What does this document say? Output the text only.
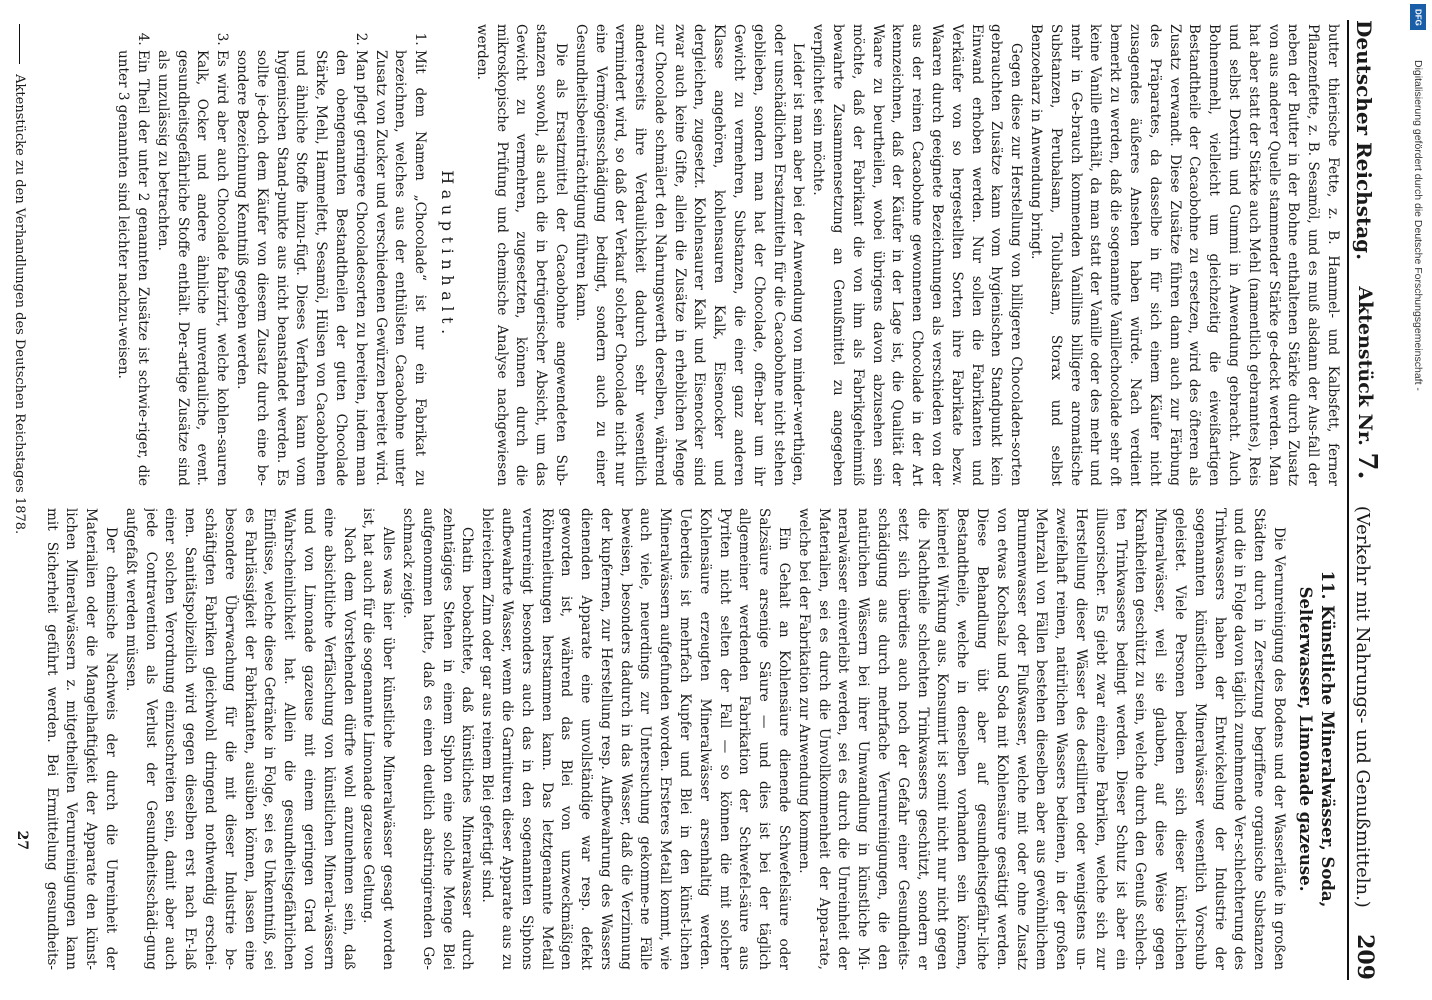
Deutscher Reichstag.
Aktenstück Nr. 7.
(Verkehr mit Nahrungs- und Genußmitteln.)
209

butter thierische Fette, z. B. Hammel- und Kalbsfett, ferner Pflanzenfette, z. B. Sesamöl, und es muß alsdann der Aus-fall der neben der Butter in der Bohne enthaltenen Stärke durch Zusatz von aus anderer Quelle stammender Stärke ge-deckt werden. Man hat aber statt der Stärke auch Mehl (namentlich gebranntes), Reis und selbst Dextrin und Gummi in Anwendung gebracht. Auch Bohnenmehl, vielleicht um gleichzeitig die eiweißartigen Bestandtheile der Cacaobohne zu ersetzen, wird des öfteren als Zusatz verwandt. Diese Zusätze führen dann auch zur Färbung des Präparates, da dasselbe in für sich einem Käufer nicht zusagendes äußeres Ansehen haben würde. Nach verdient bemerkt zu werden, daß die sogenannte Vanillechocolade sehr oft keine Vanille enthält, da man statt der Vanille oder des mehr und mehr in Ge-brauch kommenden Vanillins billigere aromatische Substanzen, Perubalsam, Tolubalsam, Storax und selbst Benzoeharz in Anwendung bringt.

Gegen diese zur Herstellung von billigeren Chocoladen-sorten gebrauchten Zusätze kann vom hygienischen Standpunkt kein Einwand erhoben werden. Nur sollen die Fabrikanten und Verkäufer von so hergestellten Sorten ihre Fabrikate bezw. Waaren durch geeignete Bezeichnungen als verschieden von der aus der reinen Cacaobohne gewonnenen Chocolade in der Art kennzeichnen, daß der Käufer in der Lage ist, die Qualität der Waare zu beurtheilen, wobei übrigens davon abzusehen sein möchte, daß der Fabrikant die von ihm als Fabrikgeheimniß bewahrte Zusammensetzung an Genußmittel zu angegeben verpflichtet sein möchte.

Leider ist man aber bei der Anwendung von minder-werthigen, oder unschädlichen Ersatzmitteln für die Cacaobohne nicht stehen geblieben, sondern man hat der Chocolade, offen-bar um ihr Gewicht zu vermehren, Substanzen, die einer ganz anderen Klasse angehören, kohlensauren Kalk, Eisenocker und dergleichen, zugesetzt. Kohlensaurer Kalk und Eisenocker sind zwar auch keine Gifte, allein die Zusätze in erheblichen Menge zur Chocolade schmälert den Nahrungswerth derselben, während andererseits ihre Verdaulichkeit dadurch sehr wesentlich vermindert wird, so daß der Verkauf solcher Chocolade nicht nur eine Vermögensschädigung bedingt, sondern auch zu einer Gesundheitsbeeinträchtigung führen kann.

Die als Ersatzmittel der Cacaobohne angewendeten Sub-stanzen sowohl, als auch die in betrügerischer Absicht, um das Gewicht zu vermehren, zugesetzten, können durch die mikroskopische Prüfung und chemische Analyse nachgewiesen werden.

Hauptinhalt.
1. Mit dem Namen „Chocolade“ ist nur ein Fabrikat zu bezeichnen, welches aus der enthülsten Cacaobohne unter Zusatz von Zucker und verschiedenen Gewürzen bereitet wird.
2. Man pflegt geringere Chocoladesorten zu bereiten, indem man den obengenannten Bestandtheilen der guten Chocolade Stärke, Mehl, Hammelfett, Sesamöl, Hülsen von Cacaobohnen und ähnliche Stoffe hinzu-fügt. Dieses Verfahren kann vom hygienischen Stand-punkte aus nicht beanstandet werden. Es sollte je-doch dem Käufer von diesem Zusatz durch eine be-sondere Bezeichnung Kenntniß gegeben werden.
3. Es wird aber auch Chocolade fabrizirt, welche kohlen-sauren Kalk, Ocker und andere ähnliche unverdauliche, event. gesundheitsgefährliche Stoffe enthält. Der-artige Zusätze sind als unzulässig zu betrachten.
4. Ein Theil der unter 2 genannten Zusätze ist schwie-riger, die unter 3 genannten sind leichter nachzu-weisen.
11. Künstliche Mineralwässer, Soda, Selterwasser, Limonade gazeuse.

Die Verunreinigung des Bodens und der Wasserläufe in großen Städten durch in Zersetzung begriffene organische Substanzen und die in Folge davon täglich zunehmende Ver-schlechterung des Trinkwassers haben der Entwickelung der Industrie der sogenannten künstlichen Mineralwässer wesentlich Vorschub geleistet. Viele Personen bedienen sich dieser künst-lichen Mineralwässer, weil sie glauben, auf diese Weise gegen Krankheiten geschützt zu sein, welche durch den Genuß schlech-ten Trinkwassers bedingt werden. Dieser Schutz ist aber ein illusorischer. Es giebt zwar einzelne Fabriken, welche sich zur Herstellung dieser Wässer des destillirten oder wenigstens un-zweifelhaft reinen, natürlichen Wassers bedienen, in der großen Mehrzahl von Fällen bestehen dieselben aber aus gewöhnlichem Brunnenwasser oder Flußwasser, welche mit oder ohne Zusatz von etwas Kochsalz und Soda mit Kohlensäure gesättigt werden. Diese Behandlung übt aber auf gesundheitsgefähr-liche Bestandtheile, welche in denselben vorhanden sein können, keinerlei Wirkung aus. Konsumirt ist somit nicht nur nicht gegen die Nachtheile schlechten Trinkwassers geschützt, sondern er setzt sich überdies auch noch der Gefahr einer Gesundheits-schädigung aus durch mehrfache Verunreinigungen, die den natürlichen Wässern bei ihrer Umwandlung in künstliche Mi-neralwässer einverleibt werden, sei es durch die Unreinheit der Materialien, sei es durch die Unvollkommenheit der Appa-rate, welche bei der Fabrikation zur Anwendung kommen.

Ein Gehalt an Kohlensäure dienende Schwefelsäure oder Salzsäure arsenige Säure — und dies ist bei der täglich allgemeiner werdenden Fabrikation der Schwefel-säure aus Pyriten nicht selten der Fall — so können die mit solcher Kohlensäure erzeugten Mineralwässer arsenhaltig werden. Ueberdies ist mehrfach Kupfer und Blei in den künst-lichen Mineralwässern aufgefunden worden. Ersteres Metall kommt, wie auch viele, neuerdings zur Untersuchung gekomme-ne Fälle beweisen, besonders dadurch in das Wasser, daß die Verzinnung der kupfernen, zur Herstellung resp. Aufbewahrung des Wassers dienenden Apparate eine unvollständige war resp. defekt geworden ist, während das Blei von unzweckmäßigen Röhrenleitungen herstammen kann. Das letztgenannte Metall verunreinigt besonders auch das in den sogenannten Siphons aufbewahrte Wasser, wenn die Garnituren dieser Apparate aus zu bleireichem Zinn oder gar aus reinem Blei gefertigt sind.

Chatin beobachtete, daß künstliches Mineralwasser durch zehntägiges Stehen in einem Siphon eine solche Menge Blei aufgenommen hatte, daß es einen deutlich abstringirenden Ge-schmack zeigte.

Alles was hier über künstliche Mineralwässer gesagt worden ist, hat auch für die sogenannte Limonade gazeuse Geltung.

Nach dem Vorstehenden dürfte wohl anzunehmen sein, daß eine absichtliche Verfälschung von künstlichen Mineral-wässern und von Limonade gazeuse mit einem geringen Grad von Wahrscheinlichkeit hat. Allein die gesundheitsgefährlichen Einflüsse, welche diese Getränke in Folge, sei es Unkenntniß, sei es Fahrlässigkeit der Fabrikanten, ausüben können, lassen eine besondere Überwachung für die mit dieser Industrie be-schäftigten Fabriken gleichwohl dringend nothwendig erschei-nen. Sanitätspolizeilich wird gegen dieselben erst nach Er-laß einer solchen Verordnung einzuschreiten sein, damit aber auch jede Contravention als Verlust der Gesundheitsschädi-gung aufgefaßt werden müssen.

Der chemische Nachweis der durch die Unreinheit der Materialien oder die Mangelhaftigkeit der Apparate den künst-lichen Mineralwässern z. mitgetheilten Verunreinigungen kann mit Sicherheit geführt werden. Bei Ermittelung gesundheits-

Aktenstücke zu den Verhandlungen des Deutschen Reichstages 1878.
27
Digitalisierung gefördert durch die Deutsche Forschungsgemeinschaft -
DFG
